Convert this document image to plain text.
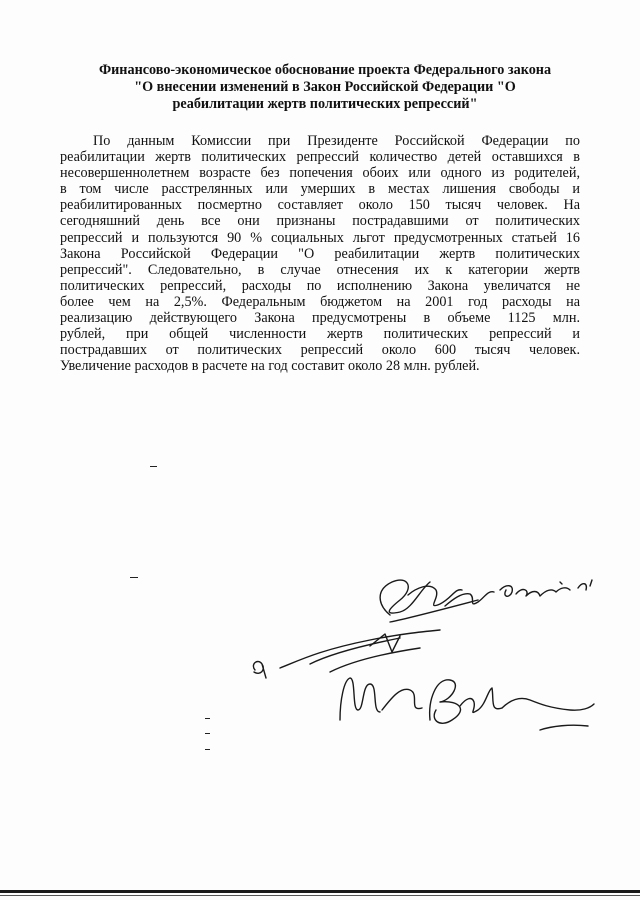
Финансово-экономическое обоснование проекта Федерального закона
"О внесении изменений в Закон Российской Федерации "О
реабилитации жертв политических репрессий"
По данным Комиссии при Президенте Российской Федерации по
реабилитации жертв политических репрессий количество детей оставшихся в
несовершеннолетнем возрасте без попечения обоих или одного из родителей,
в том числе расстрелянных или умерших в местах лишения свободы и
реабилитированных посмертно составляет около 150 тысяч человек. На
сегодняшний день все они признаны пострадавшими от политических
репрессий и пользуются 90 % социальных льгот предусмотренных статьей 16
Закона Российской Федерации "О реабилитации жертв политических
репрессий". Следовательно, в случае отнесения их к категории жертв
политических репрессий, расходы по исполнению Закона увеличатся не
более чем на 2,5%. Федеральным бюджетом на 2001 год расходы на
реализацию действующего Закона предусмотрены в объеме 1125 млн.
рублей, при общей численности жертв политических репрессий и
пострадавших от политических репрессий около 600 тысяч человек.
Увеличение расходов в расчете на год составит около 28 млн. рублей.
